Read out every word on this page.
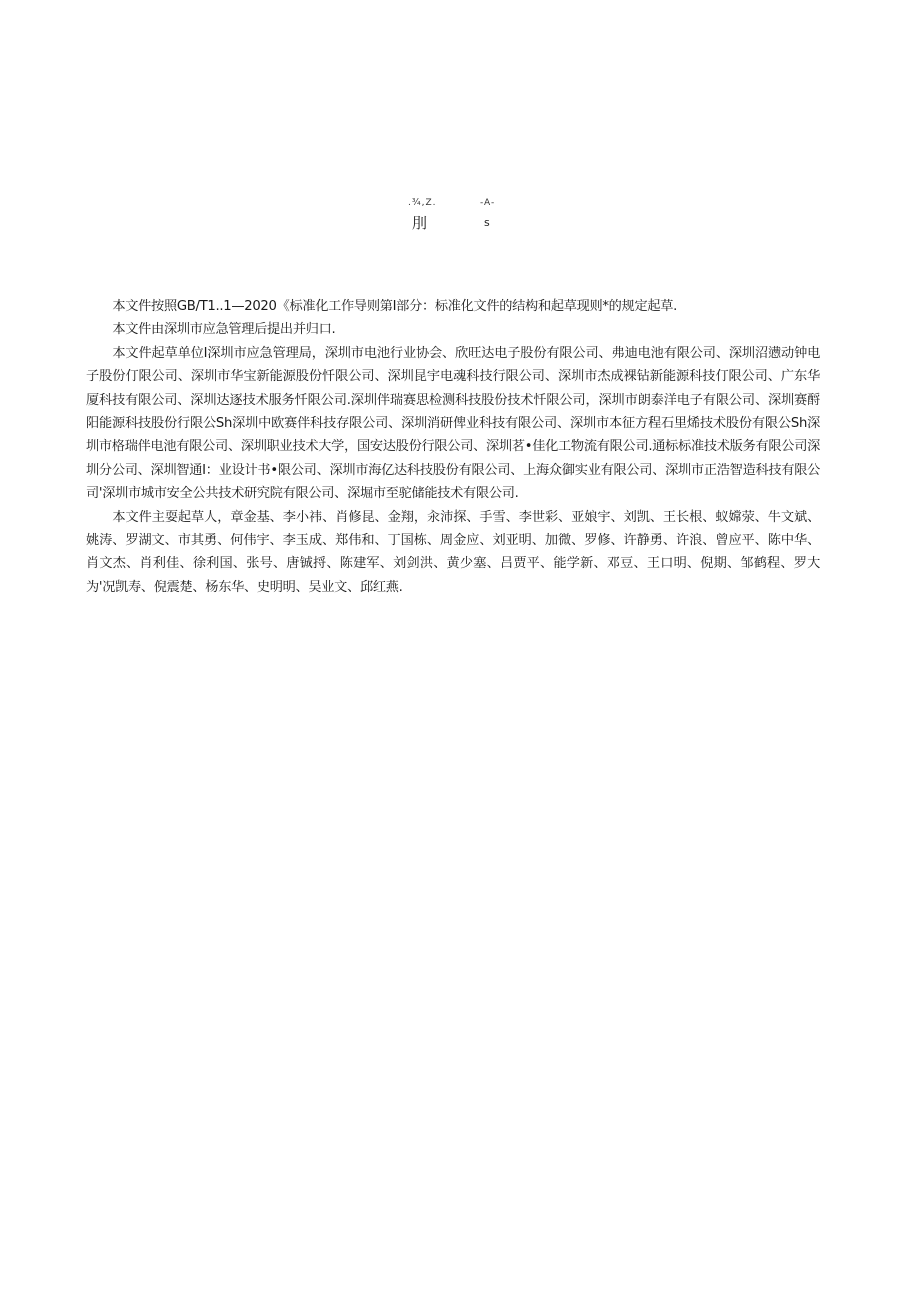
.¾,Z.	-A-
刖	s

本文件按照GB/T1..1—2020《标准化工作导则第I部分：标准化文件的结构和起草现则*的规定起草.

本文件由深圳市应急管理后提出并归口.

本文件起草单位I深圳市应急管理局，深圳市电池行业协会、欣旺达电子股份有限公司、弗迪电池有限公司、深圳沼懑动钟电子股份仃限公司、深圳市华宝新能源股份忏限公司、深圳昆宇电魂科技行限公司、深圳市杰成裸钻新能源科技仃限公司、广东华厦科技有限公司、深圳达逐技术服务忏限公司.深圳伴瑞赛思检测科技股份技术忏限公司，深圳市朗泰洋电子有限公司、深圳赛酹阳能源科技股份行限公Sh深圳中欧赛伴科技存限公司、深圳消研俾业科技有限公司、深圳市本征方程石里烯技术股份有限公Sh深圳市格瑞伴电池有限公司、深圳职业技术大学，国安达股份行限公司、深圳茗•佳化工物流有限公司.通标标准技术版务有限公司深圳分公司、深圳智通I：业设计书•限公司、深圳市海亿达科技股份有限公司、上海众御实业有限公司、深圳市正浩智造科技有限公司'深圳市城市安全公共技术研究院有限公司、深堀市至驼储能技术有限公司.

本文件主耍起草人，章金基、李小祎、肖修昆、金翔，汆沛探、手雪、李世彩、亚娘宇、刘凯、王长根、蚁嫦荥、牛文斌、姚涛、罗湖文、市其勇、何伟宇、李玉成、郑伟和、丁国栋、周金应、刘亚明、加微、罗修、许静勇、许浪、曾应平、陈中华、肖文杰、肖利佳、徐利国、张号、唐铖捋、陈建军、刘剑洪、黄少塞、吕贾平、能学新、邓豆、王口明、倪期、邹鹤程、罗大为'况凯寿、倪震楚、杨东华、史明明、吴业文、邱红燕.
